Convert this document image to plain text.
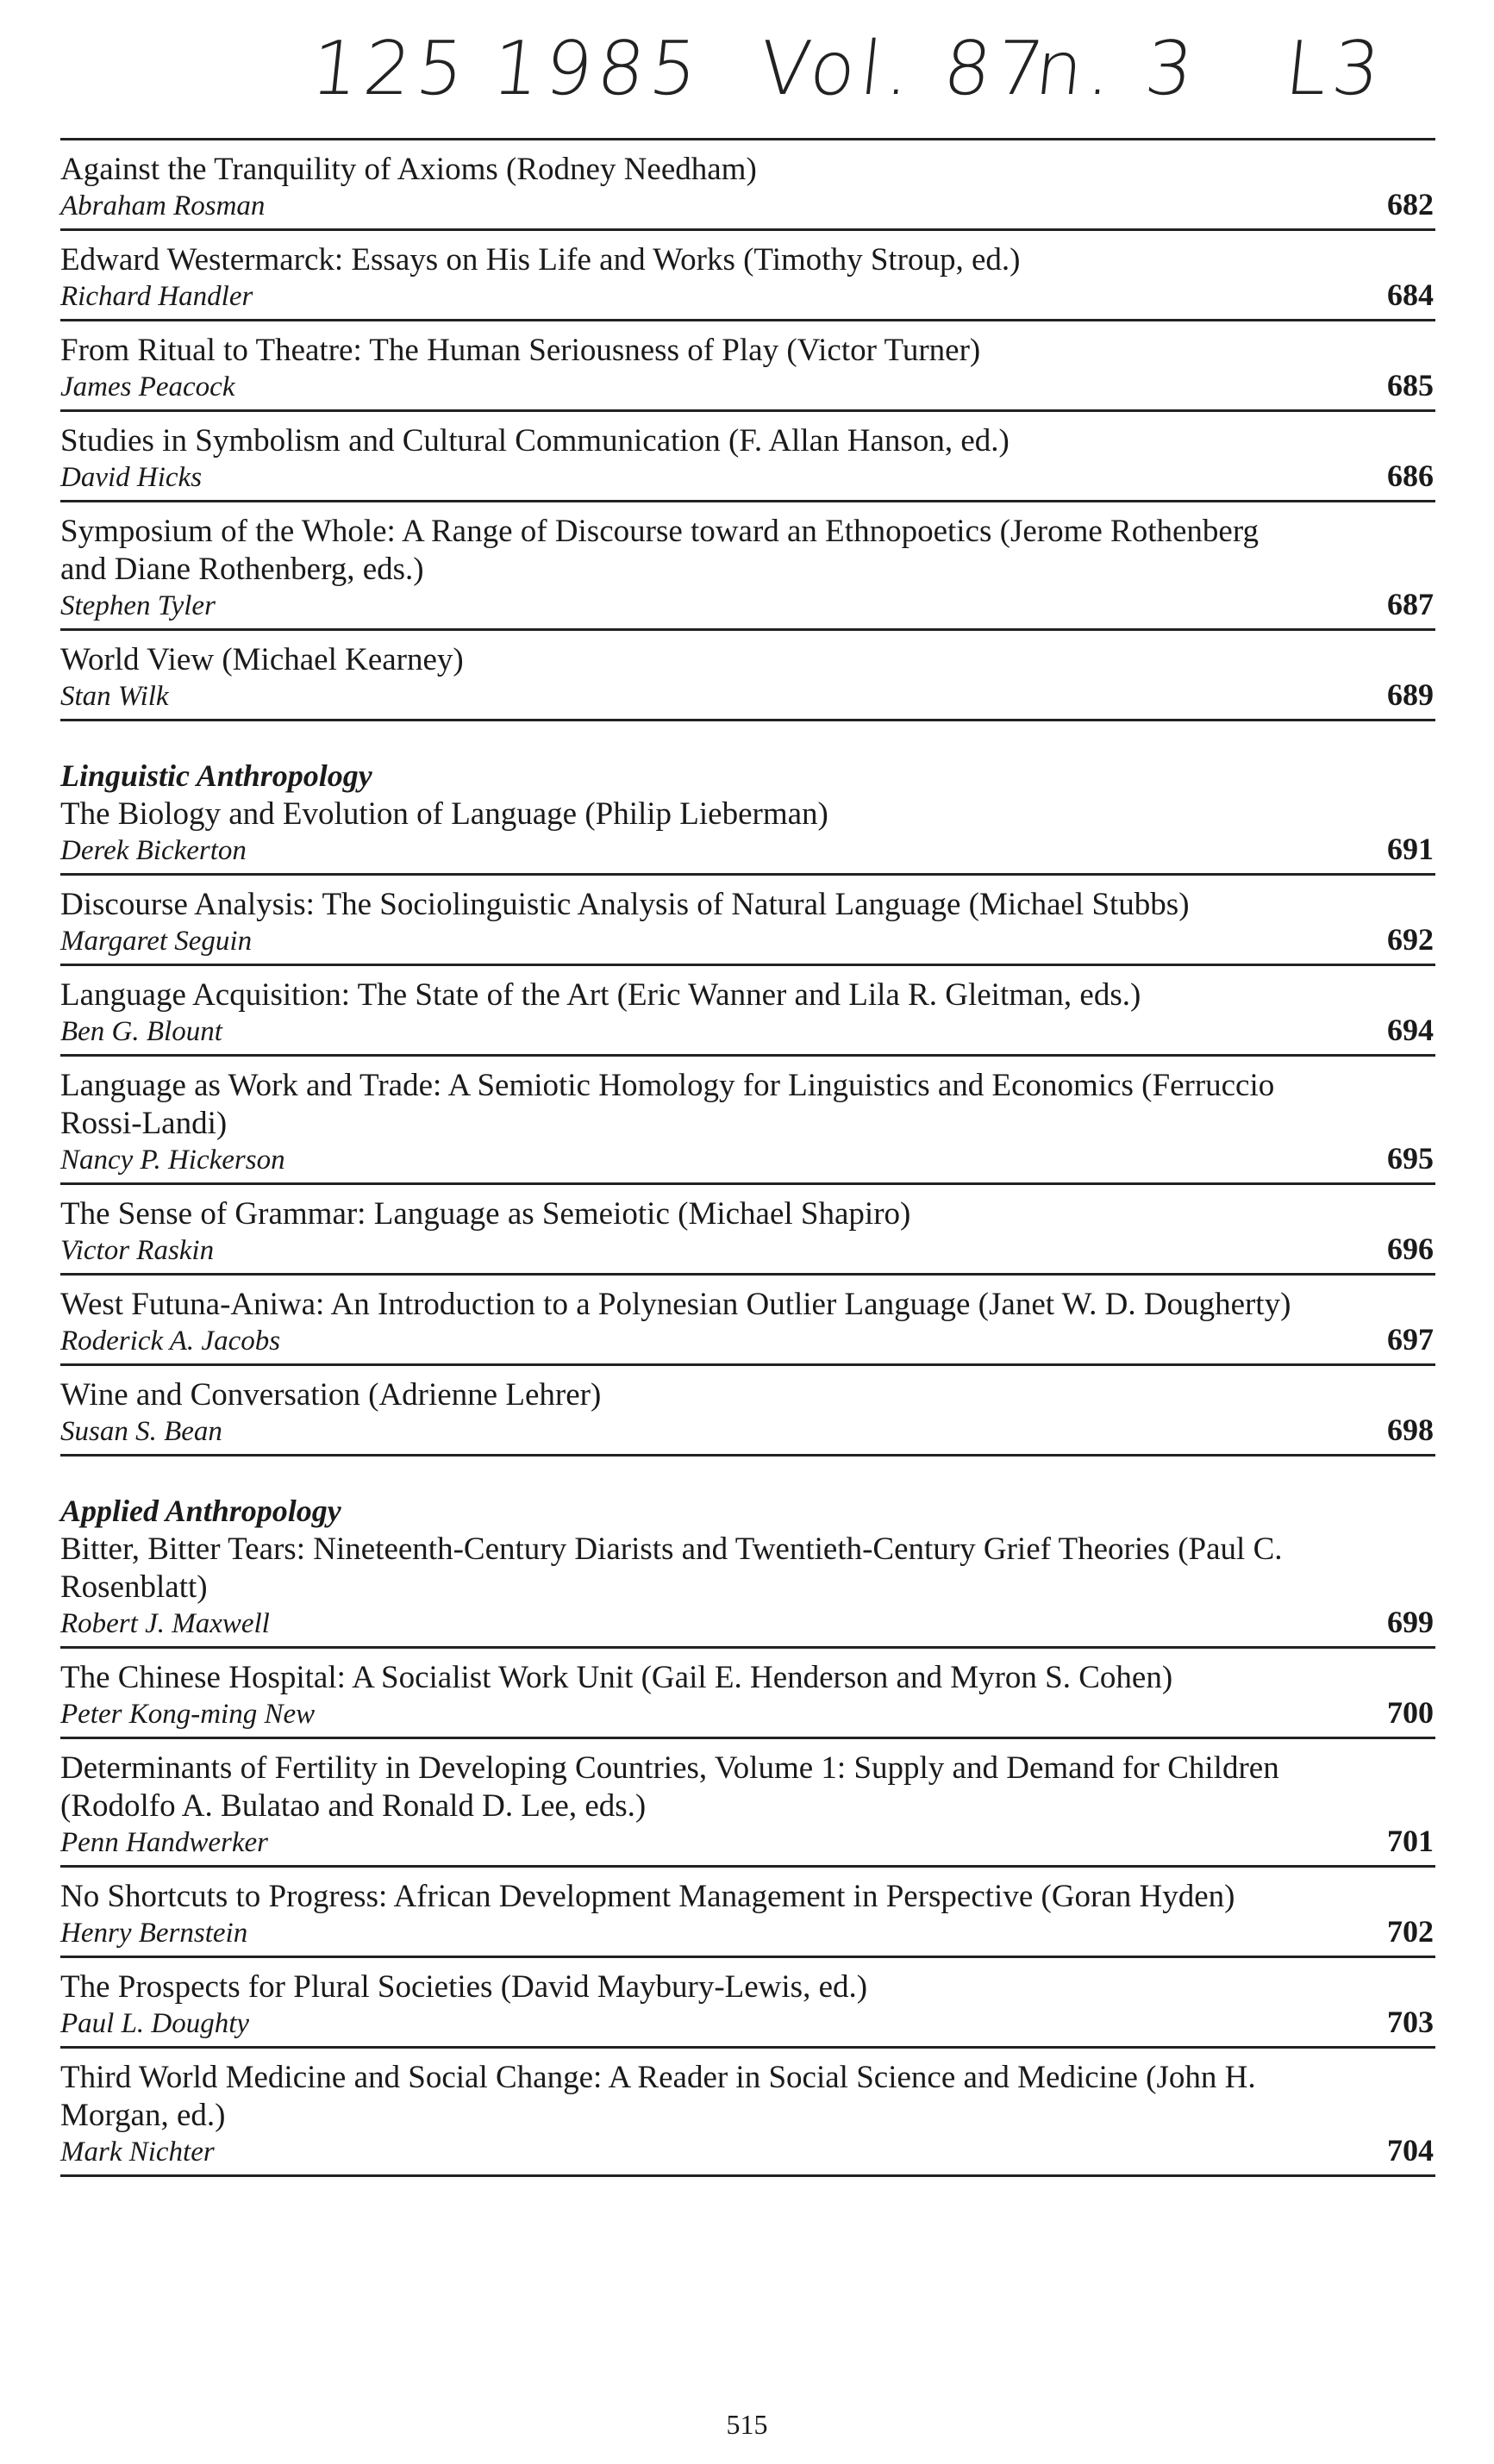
125 1985 Vol. 87
n. 3 L3

Against the Tranquility of Axioms (Rodney Needham)

Abraham Rosman	682

Edward Westermarck: Essays on His Life and Works (Timothy Stroup, ed.)

Richard Handler	684

From Ritual to Theatre: The Human Seriousness of Play (Victor Turner)

James Peacock	685

Studies in Symbolism and Cultural Communication (F. Allan Hanson, ed.)

David Hicks	686

Symposium of the Whole: A Range of Discourse toward an Ethnopoetics (Jerome Rothenberg and Diane Rothenberg, eds.)

Stephen Tyler	687

World View (Michael Kearney)

Stan Wilk	689
Linguistic Anthropology

The Biology and Evolution of Language (Philip Lieberman)

Derek Bickerton	691

Discourse Analysis: The Sociolinguistic Analysis of Natural Language (Michael Stubbs)

Margaret Seguin	692

Language Acquisition: The State of the Art (Eric Wanner and Lila R. Gleitman, eds.)

Ben G. Blount	694

Language as Work and Trade: A Semiotic Homology for Linguistics and Economics (Ferruccio Rossi-Landi)

Nancy P. Hickerson	695

The Sense of Grammar: Language as Semeiotic (Michael Shapiro)

Victor Raskin	696

West Futuna-Aniwa: An Introduction to a Polynesian Outlier Language (Janet W. D. Dougherty)

Roderick A. Jacobs	697

Wine and Conversation (Adrienne Lehrer)

Susan S. Bean	698
Applied Anthropology

Bitter, Bitter Tears: Nineteenth-Century Diarists and Twentieth-Century Grief Theories (Paul C. Rosenblatt)

Robert J. Maxwell	699

The Chinese Hospital: A Socialist Work Unit (Gail E. Henderson and Myron S. Cohen)

Peter Kong-ming New	700

Determinants of Fertility in Developing Countries, Volume 1: Supply and Demand for Children (Rodolfo A. Bulatao and Ronald D. Lee, eds.)

Penn Handwerker	701

No Shortcuts to Progress: African Development Management in Perspective (Goran Hyden)

Henry Bernstein	702

The Prospects for Plural Societies (David Maybury-Lewis, ed.)

Paul L. Doughty	703

Third World Medicine and Social Change: A Reader in Social Science and Medicine (John H. Morgan, ed.)

Mark Nichter	704
515
